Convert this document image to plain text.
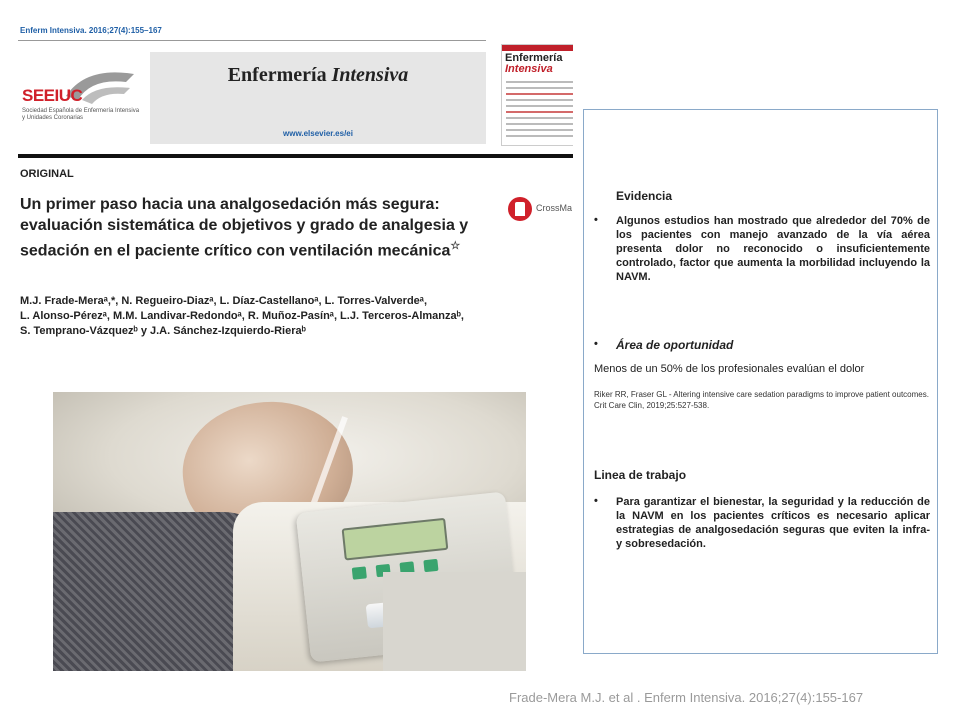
Enferm Intensiva. 2016;27(4):155–167
SEEIUC
Sociedad Española de Enfermería Intensiva y Unidades Coronarias
Enfermería Intensiva
www.elsevier.es/ei
Enfermería
Intensiva
ORIGINAL
Un primer paso hacia una analgosedación más segura: evaluación sistemática de objetivos y grado de analgesia y sedación en el paciente crítico con ventilación mecánica☆
CrossMa
M.J. Frade-Meraᵃ,*, N. Regueiro-Diazᵃ, L. Díaz-Castellanoᵃ, L. Torres-Valverdeᵃ,
L. Alonso-Pérezᵃ, M.M. Landivar-Redondoᵃ, R. Muñoz-Pasínᵃ, L.J. Terceros-Almanzaᵇ,
S. Temprano-Vázquezᵇ y J.A. Sánchez-Izquierdo-Rieraᵇ
Evidencia
• Algunos estudios han mostrado que alrededor del 70% de los pacientes con manejo avanzado de la vía aérea presenta dolor no reconocido o insuficientemente controlado, factor que aumenta la morbilidad incluyendo la NAVM.
• Área de oportunidad
Menos de un 50% de los profesionales evalúan el dolor
Riker RR, Fraser GL - Altering intensive care sedation paradigms to improve patient outcomes. Crit Care Clin, 2019;25:527-538.
Linea de trabajo
• Para garantizar el bienestar, la seguridad y la reducción de la NAVM en los pacientes críticos es necesario aplicar estrategias de analgosedación seguras que eviten la infra- y sobresedación.
Frade-Mera M.J. et al . Enferm Intensiva. 2016;27(4):155-167
